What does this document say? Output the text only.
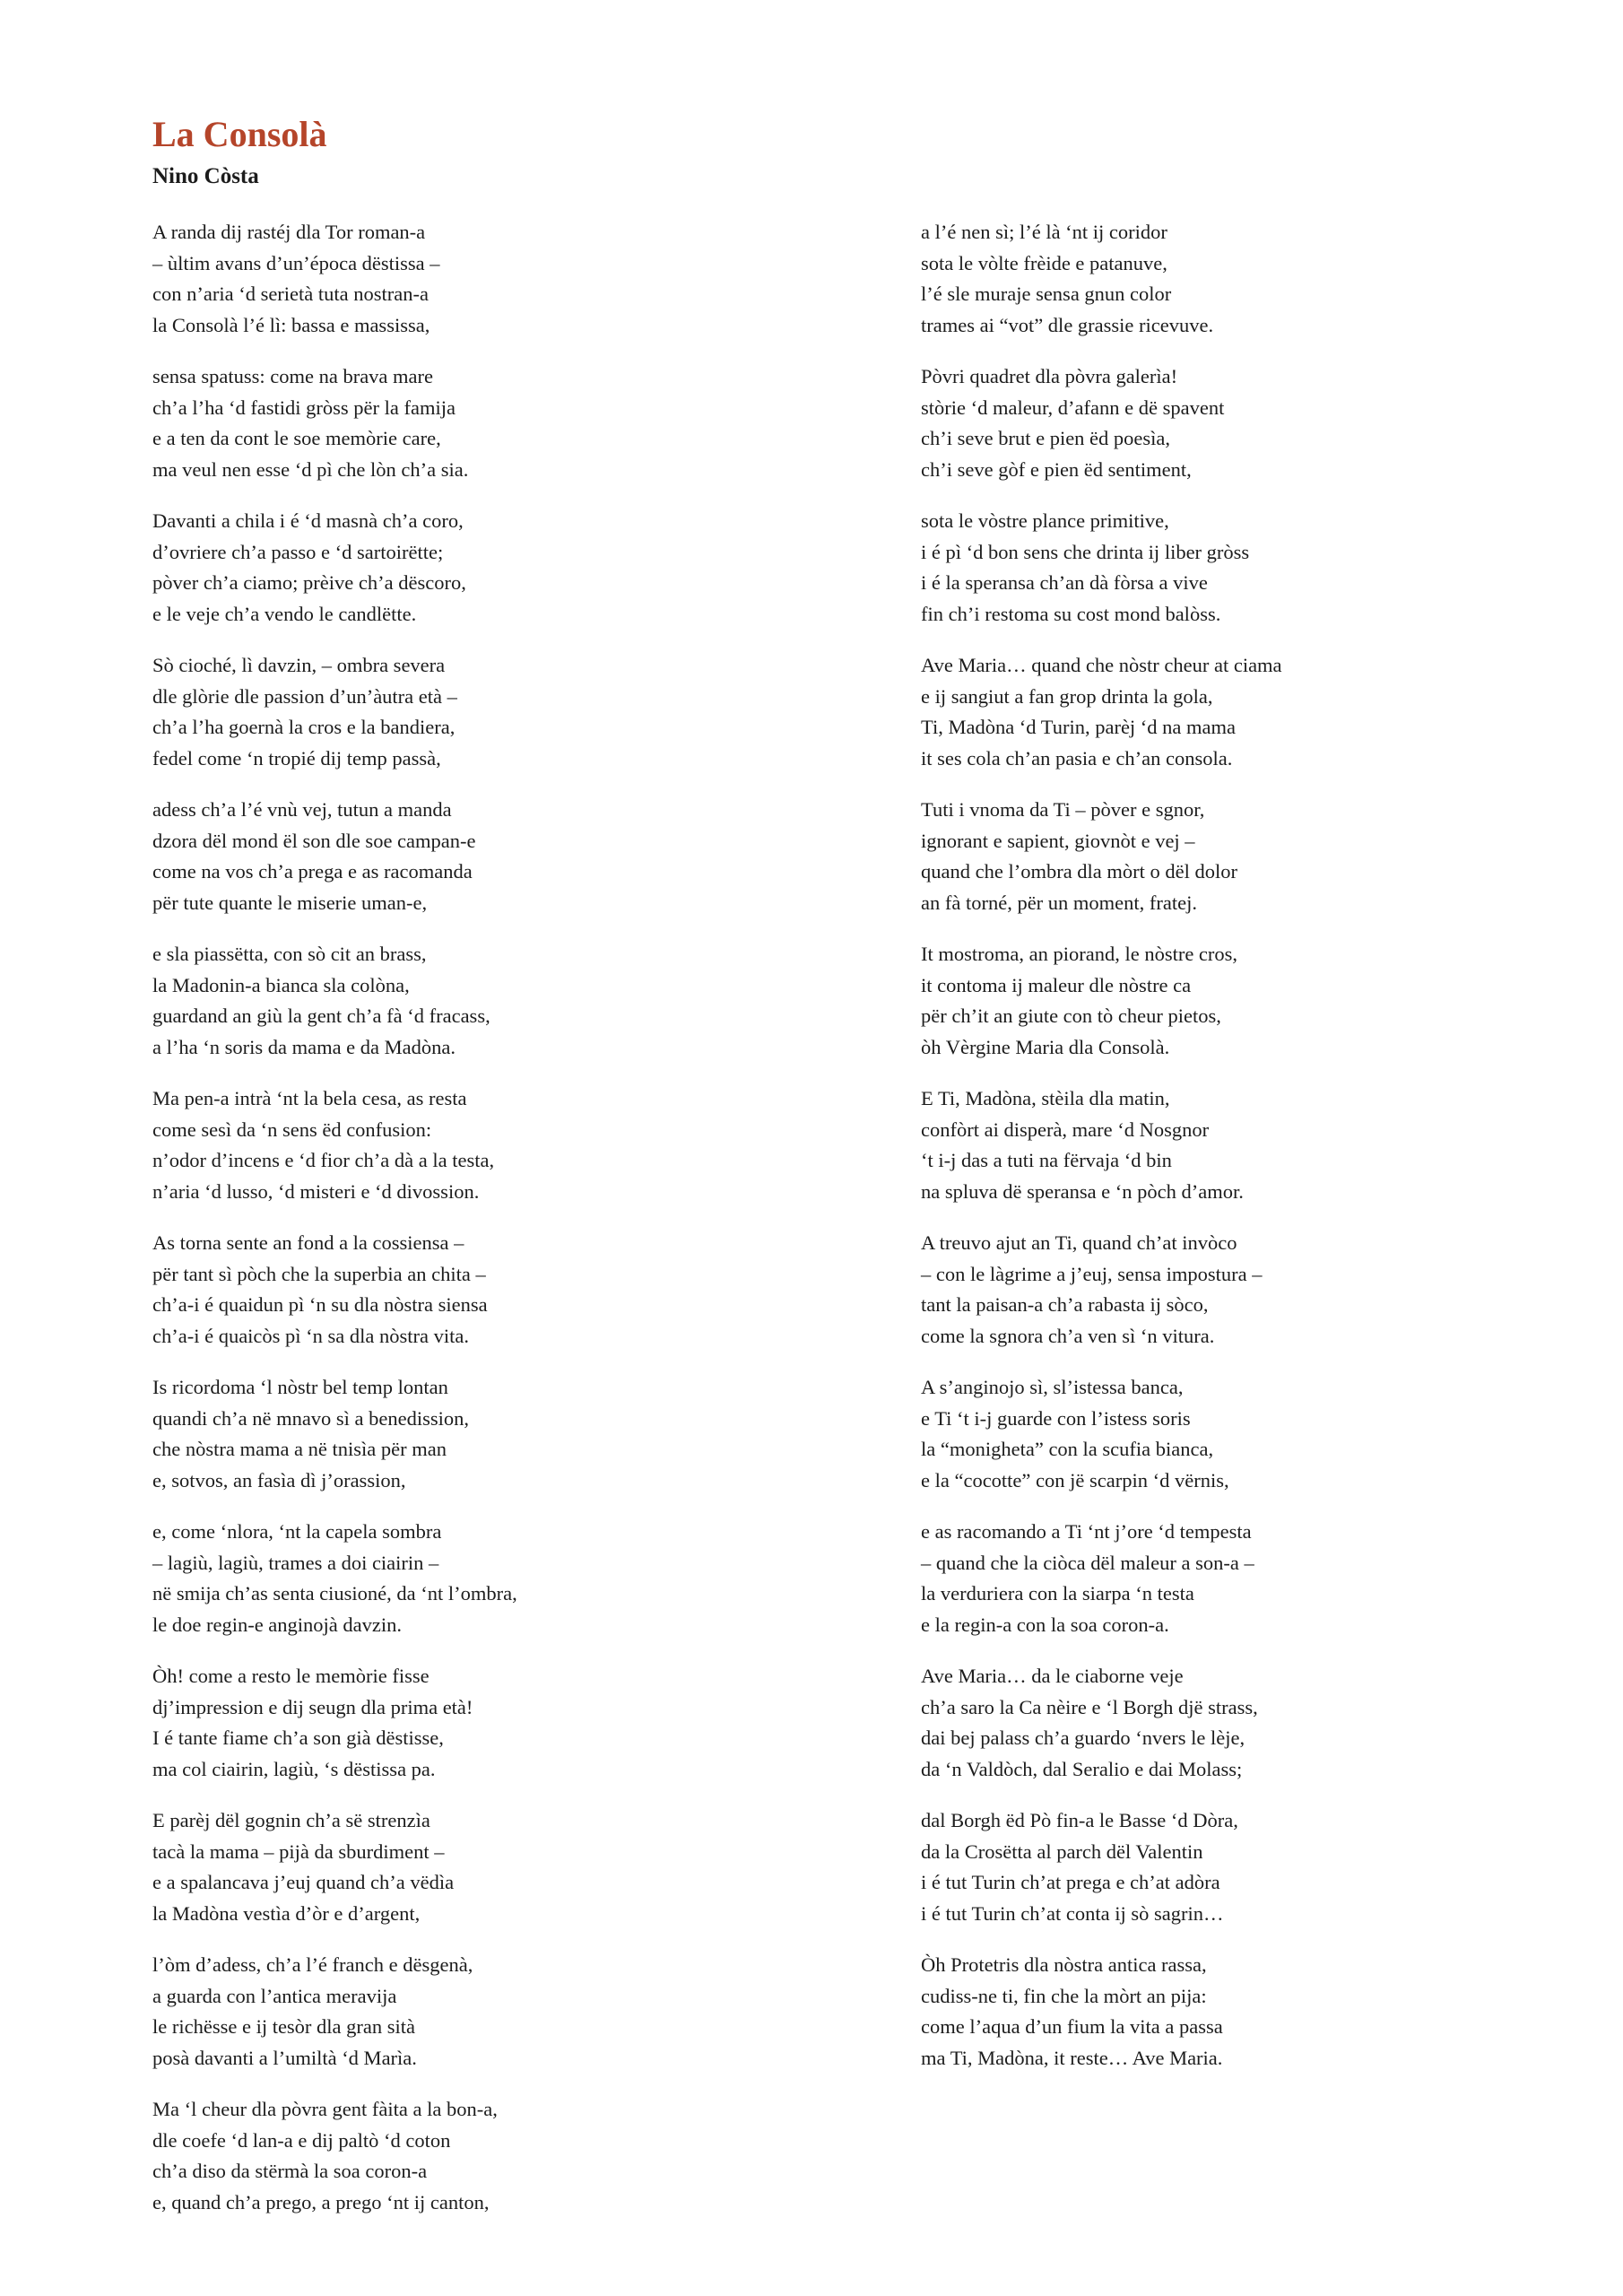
La Consolà
Nino Còsta
A randa dij rastéj dla Tor roman-a
– ùltim avans d’un’época dëstissa –
con n’aria ‘d serietà tuta nostran-a
la Consolà l’é lì: bassa e massissa,
sensa spatuss: come na brava mare
ch’a l’ha ‘d fastidi gròss për la famija
e a ten da cont le soe memòrie care,
ma veul nen esse ‘d pì che lòn ch’a sia.
Davanti a chila i é ‘d masnà ch’a coro,
d’ovriere ch’a passo e ‘d sartoirëtte;
pòver ch’a ciamo; prèive ch’a dëscoro,
e le veje ch’a vendo le candlëtte.
Sò cioché, lì davzin, – ombra severa
dle glòrie dle passion d’un’àutra età –
ch’a l’ha goernà la cros e la bandiera,
fedel come ‘n tropié dij temp passà,
adess ch’a l’é vnù vej, tutun a manda
dzora dël mond ël son dle soe campan-e
come na vos ch’a prega e as racomanda
për tute quante le miserie uman-e,
e sla piassëtta, con sò cit an brass,
la Madonin-a bianca sla colòna,
guardand an giù la gent ch’a fà ‘d fracass,
a l’ha ‘n soris da mama e da Madòna.
Ma pen-a intrà ‘nt la bela cesa, as resta
come sesì da ‘n sens ëd confusion:
n’odor d’incens e ‘d fior ch’a dà a la testa,
n’aria ‘d lusso, ‘d misteri e ‘d divossion.
As torna sente an fond a la cossiensa –
për tant sì pòch che la superbia an chita –
ch’a-i é quaidun pì ‘n su dla nòstra siensa
ch’a-i é quaicòs pì ‘n sa dla nòstra vita.
Is ricordoma ‘l nòstr bel temp lontan
quandi ch’a në mnavo sì a benedission,
che nòstra mama a në tnisìa për man
e, sotvos, an fasìa dì j’orassion,
e, come ‘nlora, ‘nt la capela sombra
– lagiù, lagiù, trames a doi ciairin –
në smija ch’as senta ciusioné, da ‘nt l’ombra,
le doe regin-e anginojà davzin.
Òh! come a resto le memòrie fisse
dj’impression e dij seugn dla prima età!
I é tante fiame ch’a son già dëstisse,
ma col ciairin, lagiù, ‘s dëstissa pa.
E parèj dël gognin ch’a së strenzìa
tacà la mama – pijà da sburdiment –
e a spalancava j’euj quand ch’a vëdìa
la Madòna vestìa d’òr e d’argent,
l’òm d’adess, ch’a l’é franch e dësgenà,
a guarda con l’antica meravija
le richësse e ij tesòr dla gran sità
posà davanti a l’umiltà ‘d Marìa.
Ma ‘l cheur dla pòvra gent fàita a la bon-a,
dle coefe ‘d lan-a e dij paltò ‘d coton
ch’a diso da stërmà la soa coron-a
e, quand ch’a prego, a prego ‘nt ij canton,
a l’é nen sì; l’é là ‘nt ij coridor
sota le vòlte frèide e patanuve,
l’é sle muraje sensa gnun color
trames ai “vot” dle grassie ricevuve.
Pòvri quadret dla pòvra galerìa!
stòrie ‘d maleur, d’afann e dë spavent
ch’i seve brut e pien ëd poesìa,
ch’i seve gòf e pien ëd sentiment,
sota le vòstre plance primitive,
i é pì ‘d bon sens che drinta ij liber gròss
i é la speransa ch’an dà fòrsa a vive
fin ch’i restoma su cost mond balòss.
Ave Maria… quand che nòstr cheur at ciama
e ij sangiut a fan grop drinta la gola,
Ti, Madòna ‘d Turin, parèj ‘d na mama
it ses cola ch’an pasia e ch’an consola.
Tuti i vnoma da Ti – pòver e sgnor,
ignorant e sapient, giovnòt e vej –
quand che l’ombra dla mòrt o dël dolor
an fà torné, për un moment, fratej.
It mostroma, an piorand, le nòstre cros,
it contoma ij maleur dle nòstre ca
për ch’it an giute con tò cheur pietos,
òh Vèrgine Maria dla Consolà.
E Ti, Madòna, stèila dla matin,
confòrt ai disperà, mare ‘d Nosgnor
‘t i-j das a tuti na fërvaja ‘d bin
na spluva dë speransa e ‘n pòch d’amor.
A treuvo ajut an Ti, quand ch’at invòco
– con le làgrime a j’euj, sensa impostura –
tant la paisan-a ch’a rabasta ij sòco,
come la sgnora ch’a ven sì ‘n vitura.
A s’anginojo sì, sl’istessa banca,
e Ti ‘t i-j guarde con l’istess soris
la “monigheta” con la scufia bianca,
e la “cocotte” con jë scarpin ‘d vërnis,
e as racomando a Ti ‘nt j’ore ‘d tempesta
– quand che la ciòca dël maleur a son-a –
la verduriera con la siarpa ‘n testa
e la regin-a con la soa coron-a.
Ave Maria… da le ciaborne veje
ch’a saro la Ca nèire e ‘l Borgh djë strass,
dai bej palass ch’a guardo ‘nvers le lèje,
da ‘n Valdòch, dal Seralio e dai Molass;
dal Borgh ëd Pò fin-a le Basse ‘d Dòra,
da la Crosëtta al parch dël Valentin
i é tut Turin ch’at prega e ch’at adòra
i é tut Turin ch’at conta ij sò sagrin…
Òh Protetris dla nòstra antica rassa,
cudiss-ne ti, fin che la mòrt an pija:
come l’aqua d’un fium la vita a passa
ma Ti, Madòna, it reste… Ave Maria.
